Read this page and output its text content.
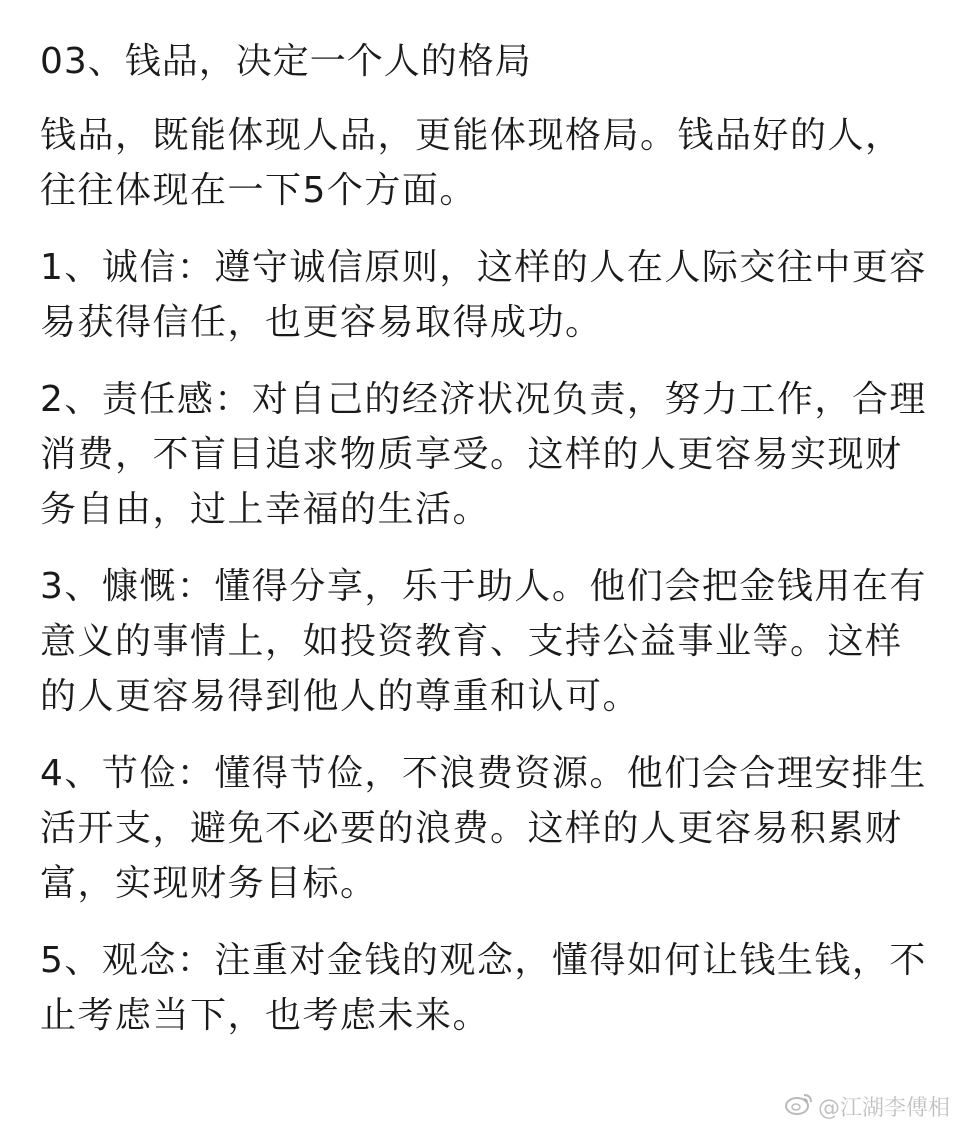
03、钱品，决定一个人的格局

钱品，既能体现人品，更能体现格局。钱品好的人，往往体现在一下5个方面。

1、诚信：遵守诚信原则，这样的人在人际交往中更容易获得信任，也更容易取得成功。

2、责任感：对自己的经济状况负责，努力工作，合理消费，不盲目追求物质享受。这样的人更容易实现财务自由，过上幸福的生活。

3、慷慨：懂得分享，乐于助人。他们会把金钱用在有意义的事情上，如投资教育、支持公益事业等。这样的人更容易得到他人的尊重和认可。

4、节俭：懂得节俭，不浪费资源。他们会合理安排生活开支，避免不必要的浪费。这样的人更容易积累财富，实现财务目标。

5、观念：注重对金钱的观念，懂得如何让钱生钱，不止考虑当下，也考虑未来。

@江湖李傅相
